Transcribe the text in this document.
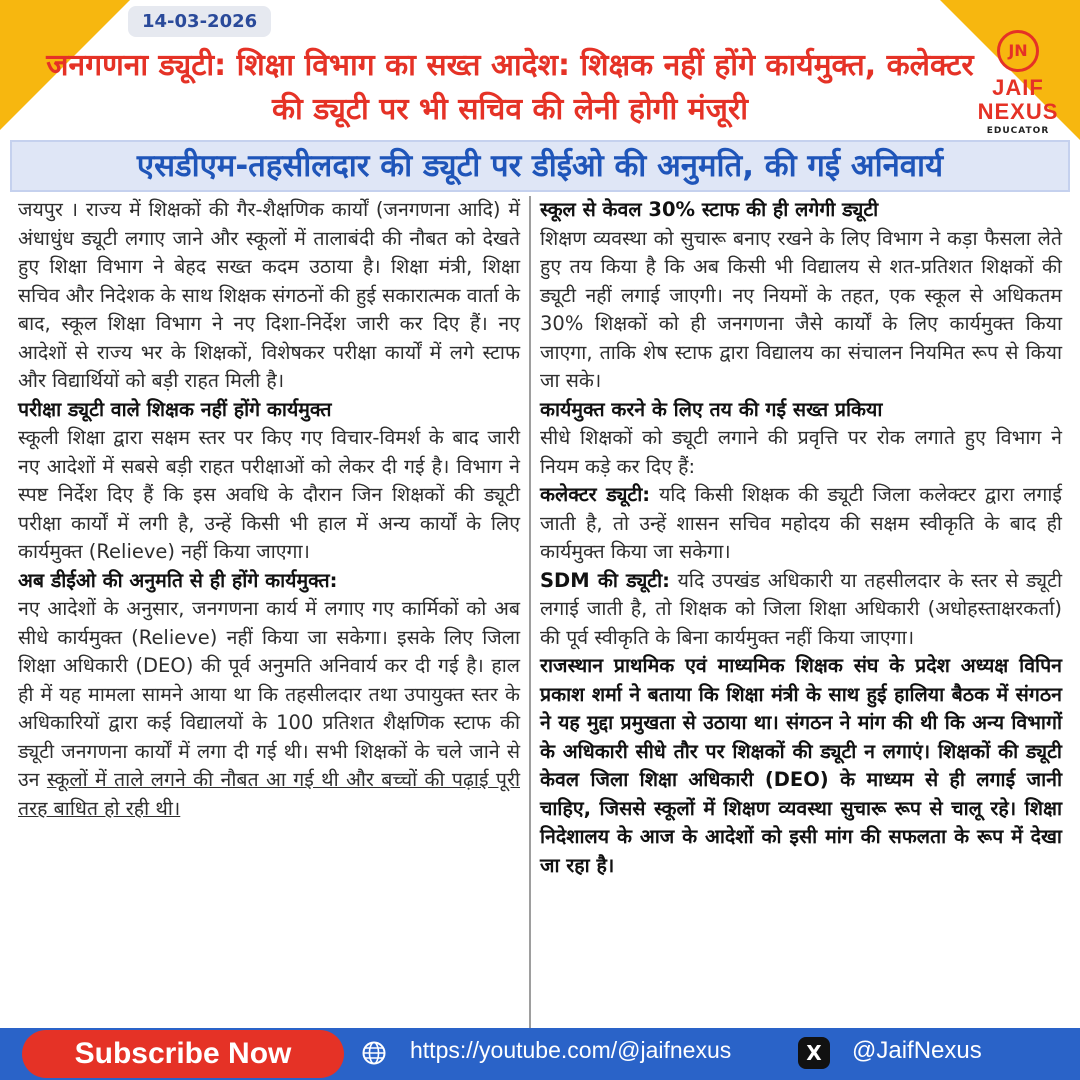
14-03-2026
जनगणना ड्यूटी: शिक्षा विभाग का सख्त आदेश: शिक्षक नहीं होंगे कार्यमुक्त, कलेक्टर की ड्यूटी पर भी सचिव की लेनी होगी मंजूरी
JN
JAIF
NEXUS
EDUCATOR
एसडीएम-तहसीलदार की ड्यूटी पर डीईओ की अनुमति, की गई अनिवार्य

जयपुर । राज्य में शिक्षकों की गैर-शैक्षणिक कार्यों (जनगणना आदि) में अंधाधुंध ड्यूटी लगाए जाने और स्कूलों में तालाबंदी की नौबत को देखते हुए शिक्षा विभाग ने बेहद सख्त कदम उठाया है। शिक्षा मंत्री, शिक्षा सचिव और निदेशक के साथ शिक्षक संगठनों की हुई सकारात्मक वार्ता के बाद, स्कूल शिक्षा विभाग ने नए दिशा-निर्देश जारी कर दिए हैं। नए आदेशों से राज्य भर के शिक्षकों, विशेषकर परीक्षा कार्यों में लगे स्टाफ और विद्यार्थियों को बड़ी राहत मिली है।

परीक्षा ड्यूटी वाले शिक्षक नहीं होंगे कार्यमुक्त

स्कूली शिक्षा द्वारा सक्षम स्तर पर किए गए विचार-विमर्श के बाद जारी नए आदेशों में सबसे बड़ी राहत परीक्षाओं को लेकर दी गई है। विभाग ने स्पष्ट निर्देश दिए हैं कि इस अवधि के दौरान जिन शिक्षकों की ड्यूटी परीक्षा कार्यों में लगी है, उन्हें किसी भी हाल में अन्य कार्यों के लिए कार्यमुक्त (Relieve) नहीं किया जाएगा।

अब डीईओ की अनुमति से ही होंगे कार्यमुक्त:

नए आदेशों के अनुसार, जनगणना कार्य में लगाए गए कार्मिकों को अब सीधे कार्यमुक्त (Relieve) नहीं किया जा सकेगा। इसके लिए जिला शिक्षा अधिकारी (DEO) की पूर्व अनुमति अनिवार्य कर दी गई है। हाल ही में यह मामला सामने आया था कि तहसीलदार तथा उपायुक्त स्तर के अधिकारियों द्वारा कई विद्यालयों के 100 प्रतिशत शैक्षणिक स्टाफ की ड्यूटी जनगणना कार्यों में लगा दी गई थी। सभी शिक्षकों के चले जाने से उन स्कूलों में ताले लगने की नौबत आ गई थी और बच्चों की पढ़ाई पूरी तरह बाधित हो रही थी।

स्कूल से केवल 30% स्टाफ की ही लगेगी ड्यूटी

शिक्षण व्यवस्था को सुचारू बनाए रखने के लिए विभाग ने कड़ा फैसला लेते हुए तय किया है कि अब किसी भी विद्यालय से शत-प्रतिशत शिक्षकों की ड्यूटी नहीं लगाई जाएगी। नए नियमों के तहत, एक स्कूल से अधिकतम 30% शिक्षकों को ही जनगणना जैसे कार्यों के लिए कार्यमुक्त किया जाएगा, ताकि शेष स्टाफ द्वारा विद्यालय का संचालन नियमित रूप से किया जा सके।

कार्यमुक्त करने के लिए तय की गई सख्त प्रकिया

सीधे शिक्षकों को ड्यूटी लगाने की प्रवृत्ति पर रोक लगाते हुए विभाग ने नियम कड़े कर दिए हैं:

कलेक्टर ड्यूटी: यदि किसी शिक्षक की ड्यूटी जिला कलेक्टर द्वारा लगाई जाती है, तो उन्हें शासन सचिव महोदय की सक्षम स्वीकृति के बाद ही कार्यमुक्त किया जा सकेगा।

SDM की ड्यूटी: यदि उपखंड अधिकारी या तहसीलदार के स्तर से ड्यूटी लगाई जाती है, तो शिक्षक को जिला शिक्षा अधिकारी (अधोहस्ताक्षरकर्ता) की पूर्व स्वीकृति के बिना कार्यमुक्त नहीं किया जाएगा।

राजस्थान प्राथमिक एवं माध्यमिक शिक्षक संघ के प्रदेश अध्यक्ष विपिन प्रकाश शर्मा ने बताया कि शिक्षा मंत्री के साथ हुई हालिया बैठक में संगठन ने यह मुद्दा प्रमुखता से उठाया था। संगठन ने मांग की थी कि अन्य विभागों के अधिकारी सीधे तौर पर शिक्षकों की ड्यूटी न लगाएं। शिक्षकों की ड्यूटी केवल जिला शिक्षा अधिकारी (DEO) के माध्यम से ही लगाई जानी चाहिए, जिससे स्कूलों में शिक्षण व्यवस्था सुचारू रूप से चालू रहे। शिक्षा निदेशालय के आज के आदेशों को इसी मांग की सफलता के रूप में देखा जा रहा है।

Subscribe Now	https://youtube.com/@jaifnexus	X	@JaifNexus
